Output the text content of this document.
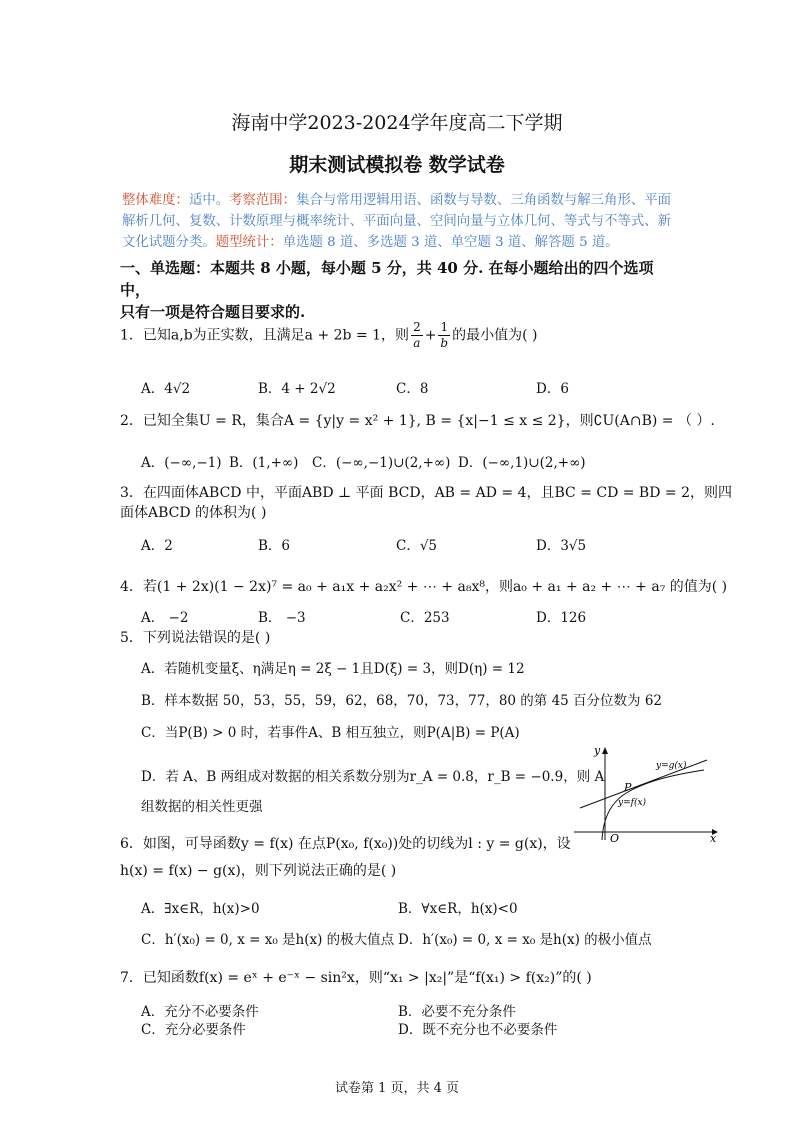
海南中学2023-2024学年度高二下学期
期末测试模拟卷 数学试卷
整体难度：适中。考察范围：集合与常用逻辑用语、函数与导数、三角函数与解三角形、平面解析几何、复数、计数原理与概率统计、平面向量、空间向量与立体几何、等式与不等式、新文化试题分类。题型统计：单选题 8 道、多选题 3 道、单空题 3 道、解答题 5 道。
一、单选题：本题共 8 小题，每小题 5 分，共 40 分. 在每小题给出的四个选项中，
只有一项是符合题目要求的.
1．已知a,b为正实数，且满足a + 2b = 1，则 $\frac{2}{a} + \frac{1}{b}$ 的最小值为( )
A．4√2	B．4 + 2√2	C．8	D．6
2．已知全集U = R，集合A = {y|y = x² + 1}, B = {x|−1 ≤ x ≤ 2}，则∁U(A∩B) = （ ）.
A．(−∞,−1) B．(1,+∞) C．(−∞,−1)∪(2,+∞) D．(−∞,1)∪(2,+∞)
3．在四面体ABCD 中，平面ABD ⊥ 平面 BCD，AB = AD = 4，且BC = CD = BD = 2，则四
面体ABCD 的体积为( )
A．2	B．6	C．√5	D．3√5
4．若(1 + 2x)(1 − 2x)⁷ = a₀ + a₁x + a₂x² + ⋯ + a₈x⁸，则a₀ + a₁ + a₂ + ⋯ + a₇ 的值为( )
A． −2	B． −3	C．253	D．126
5．下列说法错误的是( )
A．若随机变量ξ、η满足η = 2ξ − 1且D(ξ) = 3，则D(η) = 12
B．样本数据 50，53，55，59，62，68，70，73，77，80 的第 45 百分位数为 62
C．当P(B) > 0 时，若事件A、B 相互独立，则P(A|B) = P(A)
D．若 A、B 两组成对数据的相关系数分别为r_A = 0.8，r_B = −0.9，则 A
组数据的相关性更强
y
x
O
P
y=g(x)
y=f(x)
6．如图，可导函数y = f(x) 在点P(x₀, f(x₀))处的切线为l : y = g(x)，设
h(x) = f(x) − g(x)，则下列说法正确的是( )
A．∃x∈R，h(x)>0	B．∀x∈R，h(x)<0
C．h′(x₀) = 0, x = x₀ 是h(x) 的极大值点 D．h′(x₀) = 0, x = x₀ 是h(x) 的极小值点
7．已知函数f(x) = eˣ + e⁻ˣ − sin²x，则“x₁ > |x₂|”是“f(x₁) > f(x₂)”的( )
A．充分不必要条件	B．必要不充分条件
C．充分必要条件	D．既不充分也不必要条件
试卷第 1 页，共 4 页
